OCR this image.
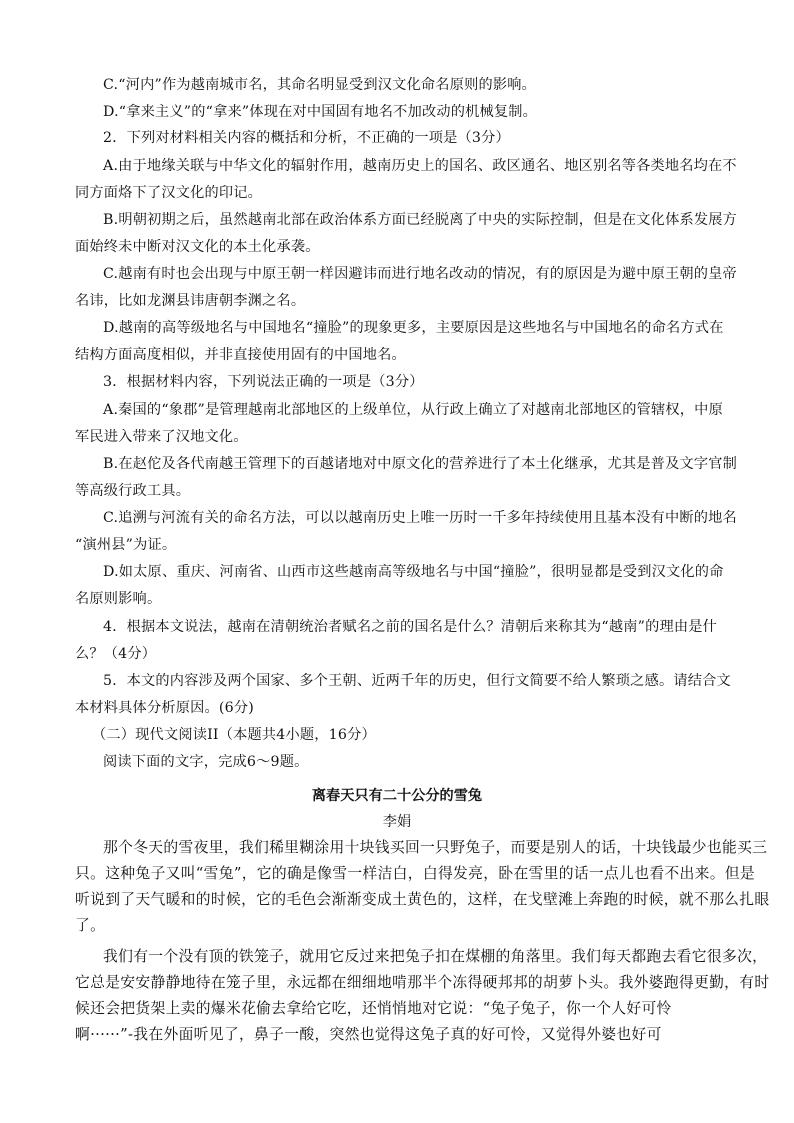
C.“河内”作为越南城市名，其命名明显受到汉文化命名原则的影响。
D.“拿来主义”的“拿来”体现在对中国固有地名不加改动的机械复制。
2．下列对材料相关内容的概括和分析，不正确的一项是（3分）
A.由于地缘关联与中华文化的辐射作用，越南历史上的国名、政区通名、地区别名等各类地名均在不
同方面烙下了汉文化的印记。
B.明朝初期之后，虽然越南北部在政治体系方面已经脱离了中央的实际控制，但是在文化体系发展方
面始终未中断对汉文化的本土化承袭。
C.越南有时也会出现与中原王朝一样因避讳而进行地名改动的情况，有的原因是为避中原王朝的皇帝
名讳，比如龙渊县讳唐朝李渊之名。
D.越南的高等级地名与中国地名“撞脸”的现象更多，主要原因是这些地名与中国地名的命名方式在
结构方面高度相似，并非直接使用固有的中国地名。
3．根据材料内容，下列说法正确的一项是（3分）
A.秦国的“象郡”是管理越南北部地区的上级单位，从行政上确立了对越南北部地区的管辖权，中原
军民进入带来了汉地文化。
B.在赵佗及各代南越王管理下的百越诸地对中原文化的营养进行了本土化继承，尤其是普及文字官制
等高级行政工具。
C.追溯与河流有关的命名方法，可以以越南历史上唯一历时一千多年持续使用且基本没有中断的地名
“演州县”为证。
D.如太原、重庆、河南省、山西市这些越南高等级地名与中国“撞脸”，很明显都是受到汉文化的命
名原则影响。
4．根据本文说法，越南在清朝统治者赋名之前的国名是什么？清朝后来称其为“越南”的理由是什
么？（4分）
5．本文的内容涉及两个国家、多个王朝、近两千年的历史，但行文简要不给人繁琐之感。请结合文
本材料具体分析原因。(6分)
（二）现代文阅读II（本题共4小题，16分）
阅读下面的文字，完成6～9题。
离春天只有二十公分的雪兔
李娟
那个冬天的雪夜里，我们稀里糊涂用十块钱买回一只野兔子，而要是别人的话，十块钱最少也能买三
只。这种兔子又叫“雪兔”，它的确是像雪一样洁白，白得发亮，卧在雪里的话一点儿也看不出来。但是
听说到了天气暖和的时候，它的毛色会渐渐变成土黄色的，这样，在戈壁滩上奔跑的时候，就不那么扎眼
了。
我们有一个没有顶的铁笼子，就用它反过来把兔子扣在煤棚的角落里。我们每天都跑去看它很多次，
它总是安安静静地待在笼子里，永远都在细细地啃那半个冻得硬邦邦的胡萝卜头。我外婆跑得更勤，有时
候还会把货架上卖的爆米花偷去拿给它吃，还悄悄地对它说：“兔子兔子，你一个人好可怜
啊······”-我在外面听见了，鼻子一酸，突然也觉得这兔子真的好可怜，又觉得外婆也好可
